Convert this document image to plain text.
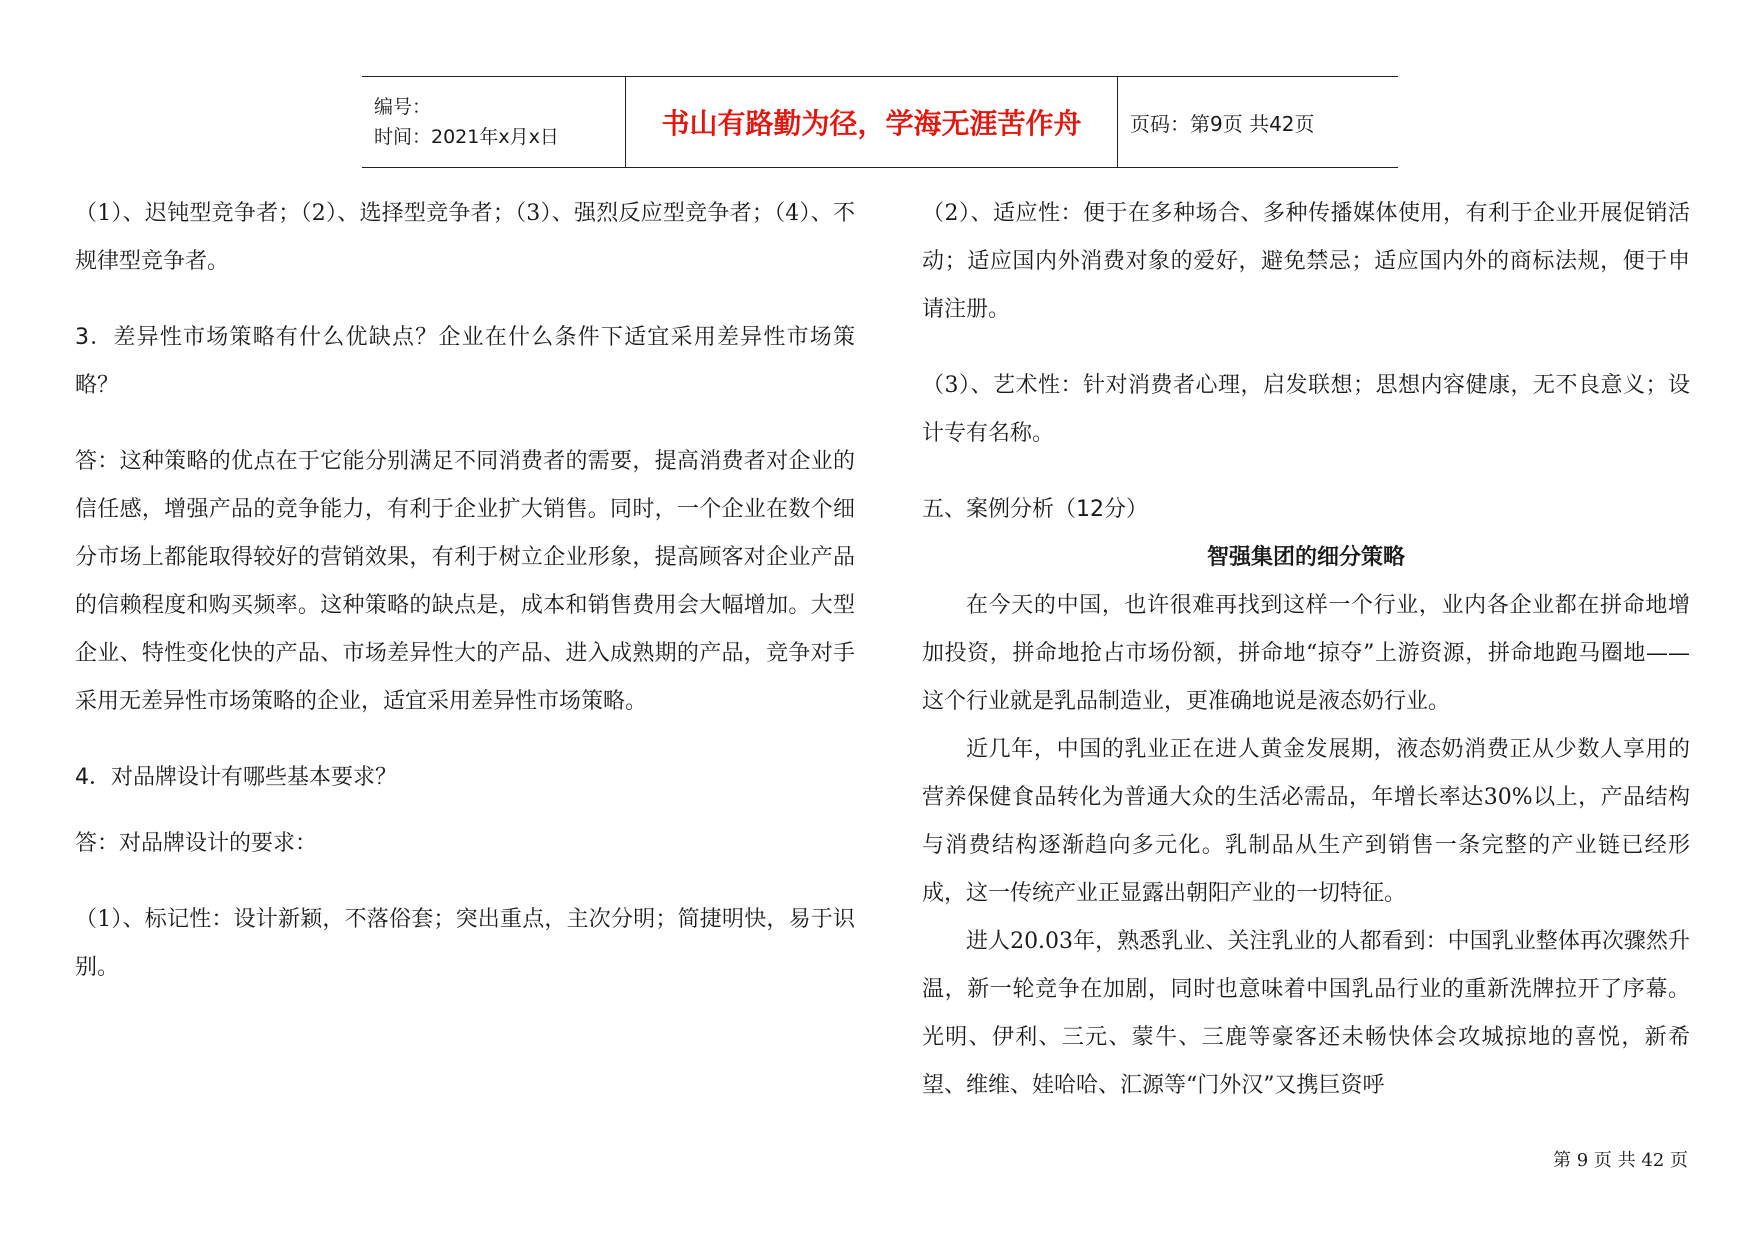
编号：
时间：2021年x月x日	书山有路勤为径，学海无涯苦作舟 页码：第9页 共42页

（1）、迟钝型竞争者；（2）、选择型竞争者；（3）、强烈反应型竞争者；（4）、不规律型竞争者。

3．差异性市场策略有什么优缺点？企业在什么条件下适宜采用差异性市场策略？

答：这种策略的优点在于它能分别满足不同消费者的需要，提高消费者对企业的信任感，增强产品的竞争能力，有利于企业扩大销售。同时，一个企业在数个细分市场上都能取得较好的营销效果，有利于树立企业形象，提高顾客对企业产品的信赖程度和购买频率。这种策略的缺点是，成本和销售费用会大幅增加。大型企业、特性变化快的产品、市场差异性大的产品、进入成熟期的产品，竞争对手采用无差异性市场策略的企业，适宜采用差异性市场策略。

4．对品牌设计有哪些基本要求？

答：对品牌设计的要求：

（1）、标记性：设计新颖，不落俗套；突出重点，主次分明；简捷明快，易于识别。

（2）、适应性：便于在多种场合、多种传播媒体使用，有利于企业开展促销活动；适应国内外消费对象的爱好，避免禁忌；适应国内外的商标法规，便于申请注册。

（3）、艺术性：针对消费者心理，启发联想；思想内容健康，无不良意义；设计专有名称。

五、案例分析（12分）

智强集团的细分策略

在今天的中国，也许很难再找到这样一个行业，业内各企业都在拼命地增加投资，拼命地抢占市场份额，拼命地“掠夺”上游资源，拼命地跑马圈地——这个行业就是乳品制造业，更准确地说是液态奶行业。

近几年，中国的乳业正在进人黄金发展期，液态奶消费正从少数人享用的营养保健食品转化为普通大众的生活必需品，年增长率达30%以上，产品结构与消费结构逐渐趋向多元化。乳制品从生产到销售一条完整的产业链已经形成，这一传统产业正显露出朝阳产业的一切特征。

进人20.03年，熟悉乳业、关注乳业的人都看到：中国乳业整体再次骤然升温，新一轮竞争在加剧，同时也意味着中国乳品行业的重新洗牌拉开了序幕。光明、伊利、三元、蒙牛、三鹿等豪客还未畅快体会攻城掠地的喜悦，新希望、维维、娃哈哈、汇源等“门外汉”又携巨资呼

第 9 页 共 42 页
